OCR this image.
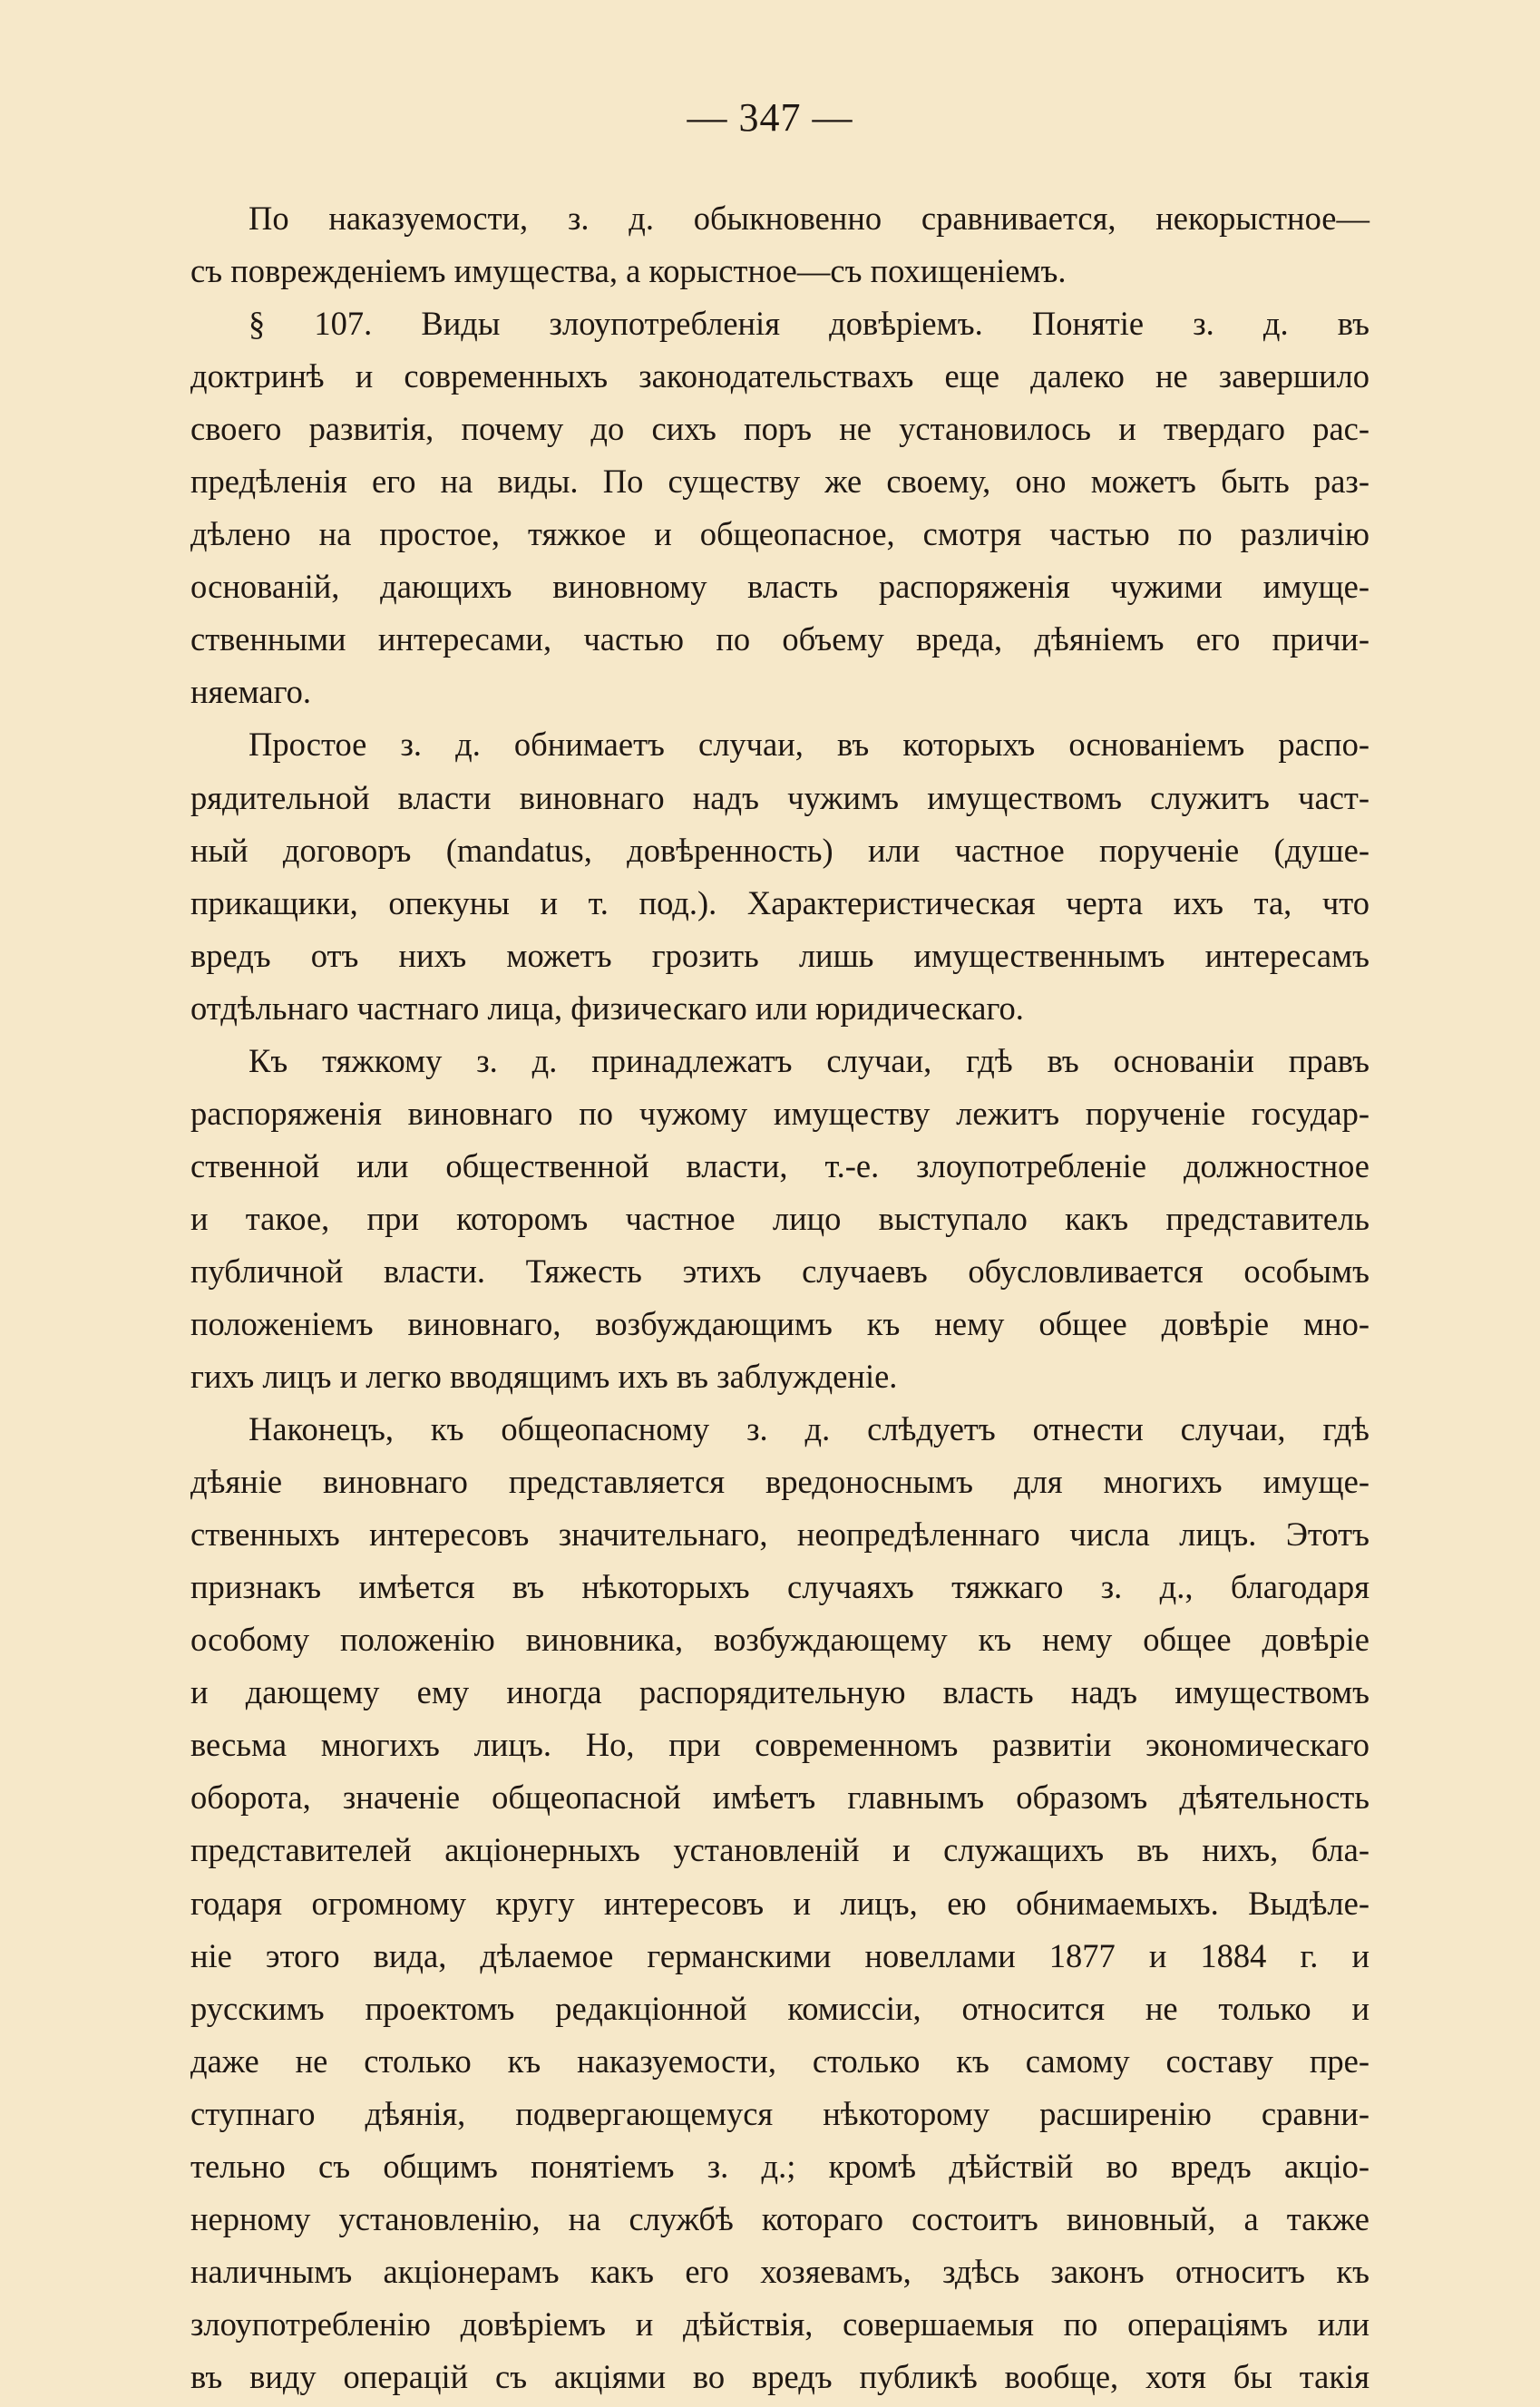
— 347 —
По наказуемости, з. д. обыкновенно сравнивается, некорыстное—
съ поврежденіемъ имущества, а корыстное—съ похищеніемъ.
§ 107. Виды злоупотребленія довѣріемъ. Понятіе з. д. въ
доктринѣ и современныхъ законодательствахъ еще далеко не завершило
своего развитія, почему до сихъ поръ не установилось и твердаго рас-
предѣленія его на виды. По существу же своему, оно можетъ быть раз-
дѣлено на простое, тяжкое и общеопасное, смотря частью по различію
основаній, дающихъ виновному власть распоряженія чужими имуще-
ственными интересами, частью по объему вреда, дѣяніемъ его причи-
няемаго.
Простое з. д. обнимаетъ случаи, въ которыхъ основаніемъ распо-
рядительной власти виновнаго надъ чужимъ имуществомъ служитъ част-
ный договоръ (mandatus, довѣренность) или частное порученіе (душе-
прикащики, опекуны и т. под.). Характеристическая черта ихъ та, что
вредъ отъ нихъ можетъ грозить лишь имущественнымъ интересамъ
отдѣльнаго частнаго лица, физическаго или юридическаго.
Къ тяжкому з. д. принадлежатъ случаи, гдѣ въ основаніи правъ
распоряженія виновнаго по чужому имуществу лежитъ порученіе государ-
ственной или общественной власти, т.-е. злоупотребленіе должностное
и такое, при которомъ частное лицо выступало какъ представитель
публичной власти. Тяжесть этихъ случаевъ обусловливается особымъ
положеніемъ виновнаго, возбуждающимъ къ нему общее довѣріе мно-
гихъ лицъ и легко вводящимъ ихъ въ заблужденіе.
Наконецъ, къ общеопасному з. д. слѣдуетъ отнести случаи, гдѣ
дѣяніе виновнаго представляется вредоноснымъ для многихъ имуще-
ственныхъ интересовъ значительнаго, неопредѣленнаго числа лицъ. Этотъ
признакъ имѣется въ нѣкоторыхъ случаяхъ тяжкаго з. д., благодаря
особому положенію виновника, возбуждающему къ нему общее довѣріе
и дающему ему иногда распорядительную власть надъ имуществомъ
весьма многихъ лицъ. Но, при современномъ развитіи экономическаго
оборота, значеніе общеопасной имѣетъ главнымъ образомъ дѣятельность
представителей акціонерныхъ установленій и служащихъ въ нихъ, бла-
годаря огромному кругу интересовъ и лицъ, ею обнимаемыхъ. Выдѣле-
ніе этого вида, дѣлаемое германскими новеллами 1877 и 1884 г. и
русскимъ проектомъ редакціонной комиссіи, относится не только и
даже не столько къ наказуемости, столько къ самому составу пре-
ступнаго дѣянія, подвергающемуся нѣкоторому расширенію сравни-
тельно съ общимъ понятіемъ з. д.; кромѣ дѣйствій во вредъ акціо-
нерному установленію, на службѣ котораго состоитъ виновный, а также
наличнымъ акціонерамъ какъ его хозяевамъ, здѣсь законъ относитъ къ
злоупотребленію довѣріемъ и дѣйствія, совершаемыя по операціямъ или
въ виду операцій съ акціями во вредъ публикѣ вообще, хотя бы такія
